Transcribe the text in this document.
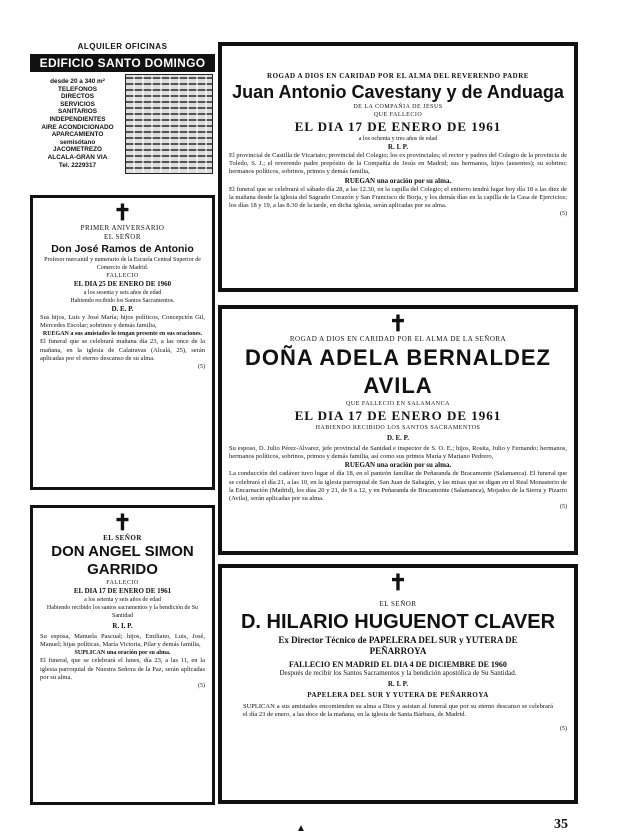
ALQUILER OFICINAS
EDIFICIO SANTO DOMINGO
desde 20 a 340 m²
TELEFONOS
DIRECTOS
SERVICIOS
SANITARIOS
INDEPENDIENTES
AIRE ACONDICIONADO
APARCAMIENTO
semisótano
JACOMETREZO
ALCALA-GRAN VIA
Tel. 2229317
ROGAD A DIOS EN CARIDAD POR EL ALMA DEL REVERENDO PADRE
Juan Antonio Cavestany y de Anduaga
DE LA COMPAÑIA DE JESUS
QUE FALLECIO
EL DIA 17 DE ENERO DE 1961
a los ochenta y tres años de edad
R. I. P.
El provincial de Castilla de Vicariato; provincial del Colegio; los ex provinciales; el rector y padres del Colegio de la provincia de Toledo, S. J.; el reverendo padre prepósito de la Compañía de Jesús en Madrid; sus hermanos, hijos (ausentes); su sobrino; hermanos políticos, sobrinos, primos y demás familia,
RUEGAN una oración por su alma.
El funeral que se celebrará el sábado día 28, a las 12.30, en la capilla del Colegio; el entierro tendrá lugar hoy día 18 a las diez de la mañana desde la iglesia del Sagrado Corazón y San Francisco de Borja, y los demás días en la capilla de la Casa de Ejercicios; los días 18 y 19, a las 8.30 de la tarde, en dicha iglesia, serán aplicadas por su alma.
(5)
✝
ROGAD A DIOS EN CARIDAD POR EL ALMA DE LA SEÑORA
DOÑA ADELA BERNALDEZ AVILA
QUE FALLECIO EN SALAMANCA
EL DIA 17 DE ENERO DE 1961
HABIENDO RECIBIDO LOS SANTOS SACRAMENTOS
D. E. P.
Su esposo, D. Julio Pérez-Alvarez, jefe provincial de Sanidad e inspector de S. O. E.; hijos, Rosita, Julio y Fernando; hermanos, hermanos políticos, sobrinos, primos y demás familia, así como sus primos María y Mariano Pedrero,
RUEGAN una oración por su alma.
La conducción del cadáver tuvo lugar el día 18, en el panteón familiar de Peñaranda de Bracamonte (Salamanca). El funeral que se celebrará el día 21, a las 10, en la iglesia parroquial de San Juan de Sahagún, y las misas que se digan en el Real Monasterio de la Encarnación (Madrid), los días 20 y 21, de 9 a 12, y en Peñaranda de Bracamonte (Salamanca), Mojados de la Sierra y Pizarro (Avila), serán aplicadas por su alma.
(5)
✝
EL SEÑOR
D. HILARIO HUGUENOT CLAVER
Ex Director Técnico de PAPELERA DEL SUR y YUTERA DE PEÑARROYA
FALLECIO EN MADRID EL DIA 4 DE DICIEMBRE DE 1960
Después de recibir los Santos Sacramentos y la bendición apostólica de Su Santidad.
R. I. P.
PAPELERA DEL SUR Y YUTERA DE PEÑARROYA
SUPLICAN a sus amistades encomienden su alma a Dios y asistan al funeral que por su eterno descanso se celebrará el día 23 de enero, a las doce de la mañana, en la iglesia de Santa Bárbara, de Madrid.
(5)
✝
PRIMER ANIVERSARIO
EL SEÑOR
Don José Ramos de Antonio
Profesor mercantil y numerario de la Escuela Central Superior de Comercio de Madrid.
FALLECIO
EL DIA 25 DE ENERO DE 1960
a los sesenta y seis años de edad
Habiendo recibido los Santos Sacramentos.
D. E. P.
Sus hijos, Luis y José María; hijos políticos, Concepción Gil, Mercedes Escolar; sobrinos y demás familia,
RUEGAN a sus amistades lo tengan presente en sus oraciones.
El funeral que se celebrará mañana día 23, a las once de la mañana, en la iglesia de Calatravas (Alcalá, 25), serán aplicadas por el eterno descanso de su alma.
(5)
✝
EL SEÑOR
DON ANGEL SIMON GARRIDO
FALLECIO
EL DIA 17 DE ENERO DE 1961
a los setenta y seis años de edad
Habiendo recibido los santos sacramentos y la bendición de Su Santidad
R. I. P.
Su esposa, Manuela Pascual; hijos, Emiliano, Luis, José, Manuel; hijas políticas, María Victoria, Pilar y demás familia,
SUPLICAN una oración por su alma.
El funeral, que se celebrará el lunes, día 23, a las 11, en la iglesia parroquial de Nuestra Señora de la Paz, serán aplicadas por su alma.
(5)
▲	35
